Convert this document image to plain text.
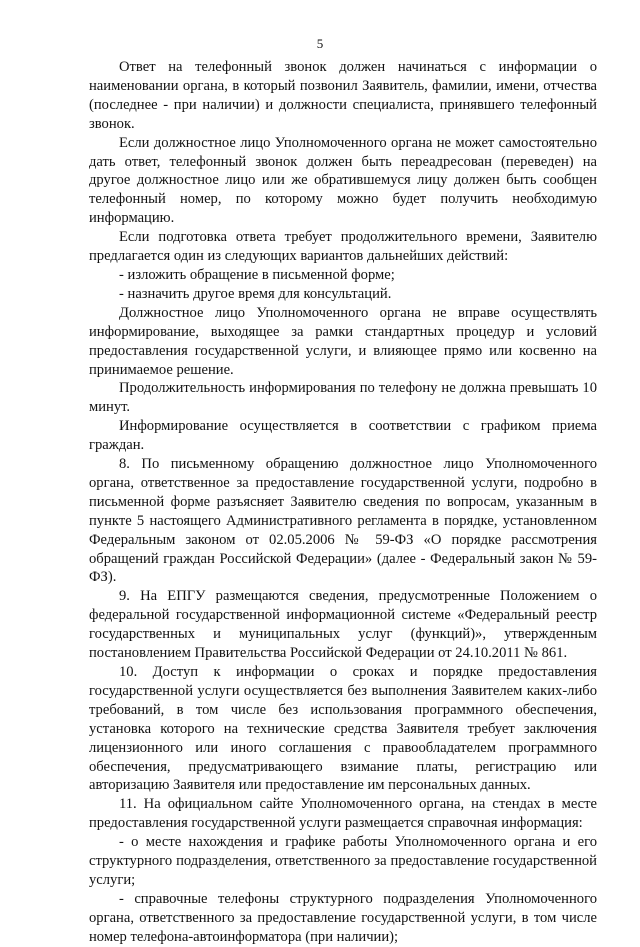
5

Ответ на телефонный звонок должен начинаться с информации о наименовании органа, в который позвонил Заявитель, фамилии, имени, отчества (последнее - при наличии) и должности специалиста, принявшего телефонный звонок.

Если должностное лицо Уполномоченного органа не может самостоятельно дать ответ, телефонный звонок должен быть переадресован (переведен) на другое должностное лицо или же обратившемуся лицу должен быть сообщен телефонный номер, по которому можно будет получить необходимую информацию.

Если подготовка ответа требует продолжительного времени, Заявителю предлагается один из следующих вариантов дальнейших действий:

- изложить обращение в письменной форме;

- назначить другое время для консультаций.

Должностное лицо Уполномоченного органа не вправе осуществлять информирование, выходящее за рамки стандартных процедур и условий предоставления государственной услуги, и влияющее прямо или косвенно на принимаемое решение.

Продолжительность информирования по телефону не должна превышать 10 минут.

Информирование осуществляется в соответствии с графиком приема граждан.

8. По письменному обращению должностное лицо Уполномоченного органа, ответственное за предоставление государственной услуги, подробно в письменной форме разъясняет Заявителю сведения по вопросам, указанным в пункте 5 настоящего Административного регламента в порядке, установленном Федеральным законом от 02.05.2006 № 59-ФЗ «О порядке рассмотрения обращений граждан Российской Федерации» (далее - Федеральный закон № 59-ФЗ).

9. На ЕПГУ размещаются сведения, предусмотренные Положением о федеральной государственной информационной системе «Федеральный реестр государственных и муниципальных услуг (функций)», утвержденным постановлением Правительства Российской Федерации от 24.10.2011 № 861.

10. Доступ к информации о сроках и порядке предоставления государственной услуги осуществляется без выполнения Заявителем каких-либо требований, в том числе без использования программного обеспечения, установка которого на технические средства Заявителя требует заключения лицензионного или иного соглашения с правообладателем программного обеспечения, предусматривающего взимание платы, регистрацию или авторизацию Заявителя или предоставление им персональных данных.

11. На официальном сайте Уполномоченного органа, на стендах в месте предоставления государственной услуги размещается справочная информация:

- о месте нахождения и графике работы Уполномоченного органа и его структурного подразделения, ответственного за предоставление государственной услуги;

- справочные телефоны структурного подразделения Уполномоченного органа, ответственного за предоставление государственной услуги, в том числе номер телефона-автоинформатора (при наличии);
